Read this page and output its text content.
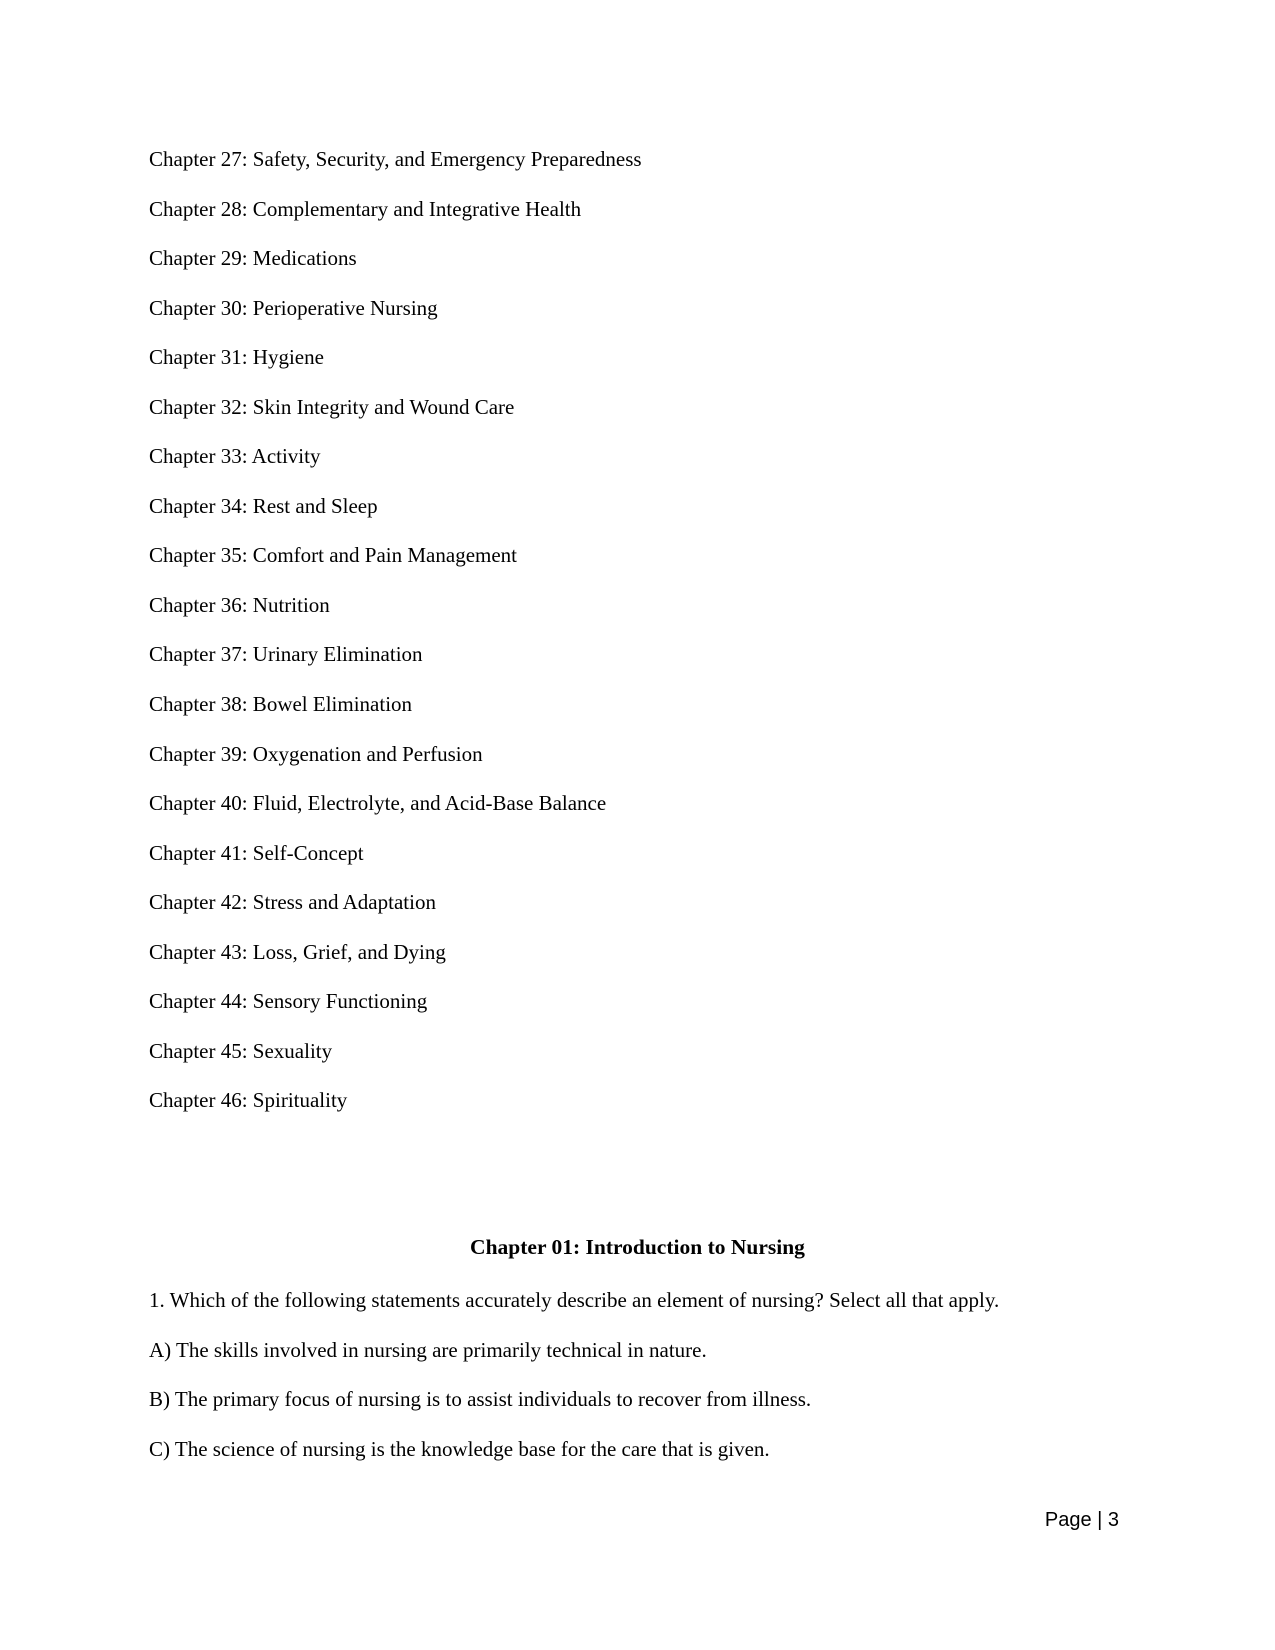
Chapter 27: Safety, Security, and Emergency Preparedness
Chapter 28: Complementary and Integrative Health
Chapter 29: Medications
Chapter 30: Perioperative Nursing
Chapter 31: Hygiene
Chapter 32: Skin Integrity and Wound Care
Chapter 33: Activity
Chapter 34: Rest and Sleep
Chapter 35: Comfort and Pain Management
Chapter 36: Nutrition
Chapter 37: Urinary Elimination
Chapter 38: Bowel Elimination
Chapter 39: Oxygenation and Perfusion
Chapter 40: Fluid, Electrolyte, and Acid-Base Balance
Chapter 41: Self-Concept
Chapter 42: Stress and Adaptation
Chapter 43: Loss, Grief, and Dying
Chapter 44: Sensory Functioning
Chapter 45: Sexuality
Chapter 46: Spirituality
Chapter 01: Introduction to Nursing
1. Which of the following statements accurately describe an element of nursing? Select all that apply.
A) The skills involved in nursing are primarily technical in nature.
B) The primary focus of nursing is to assist individuals to recover from illness.
C) The science of nursing is the knowledge base for the care that is given.
Page | 3
